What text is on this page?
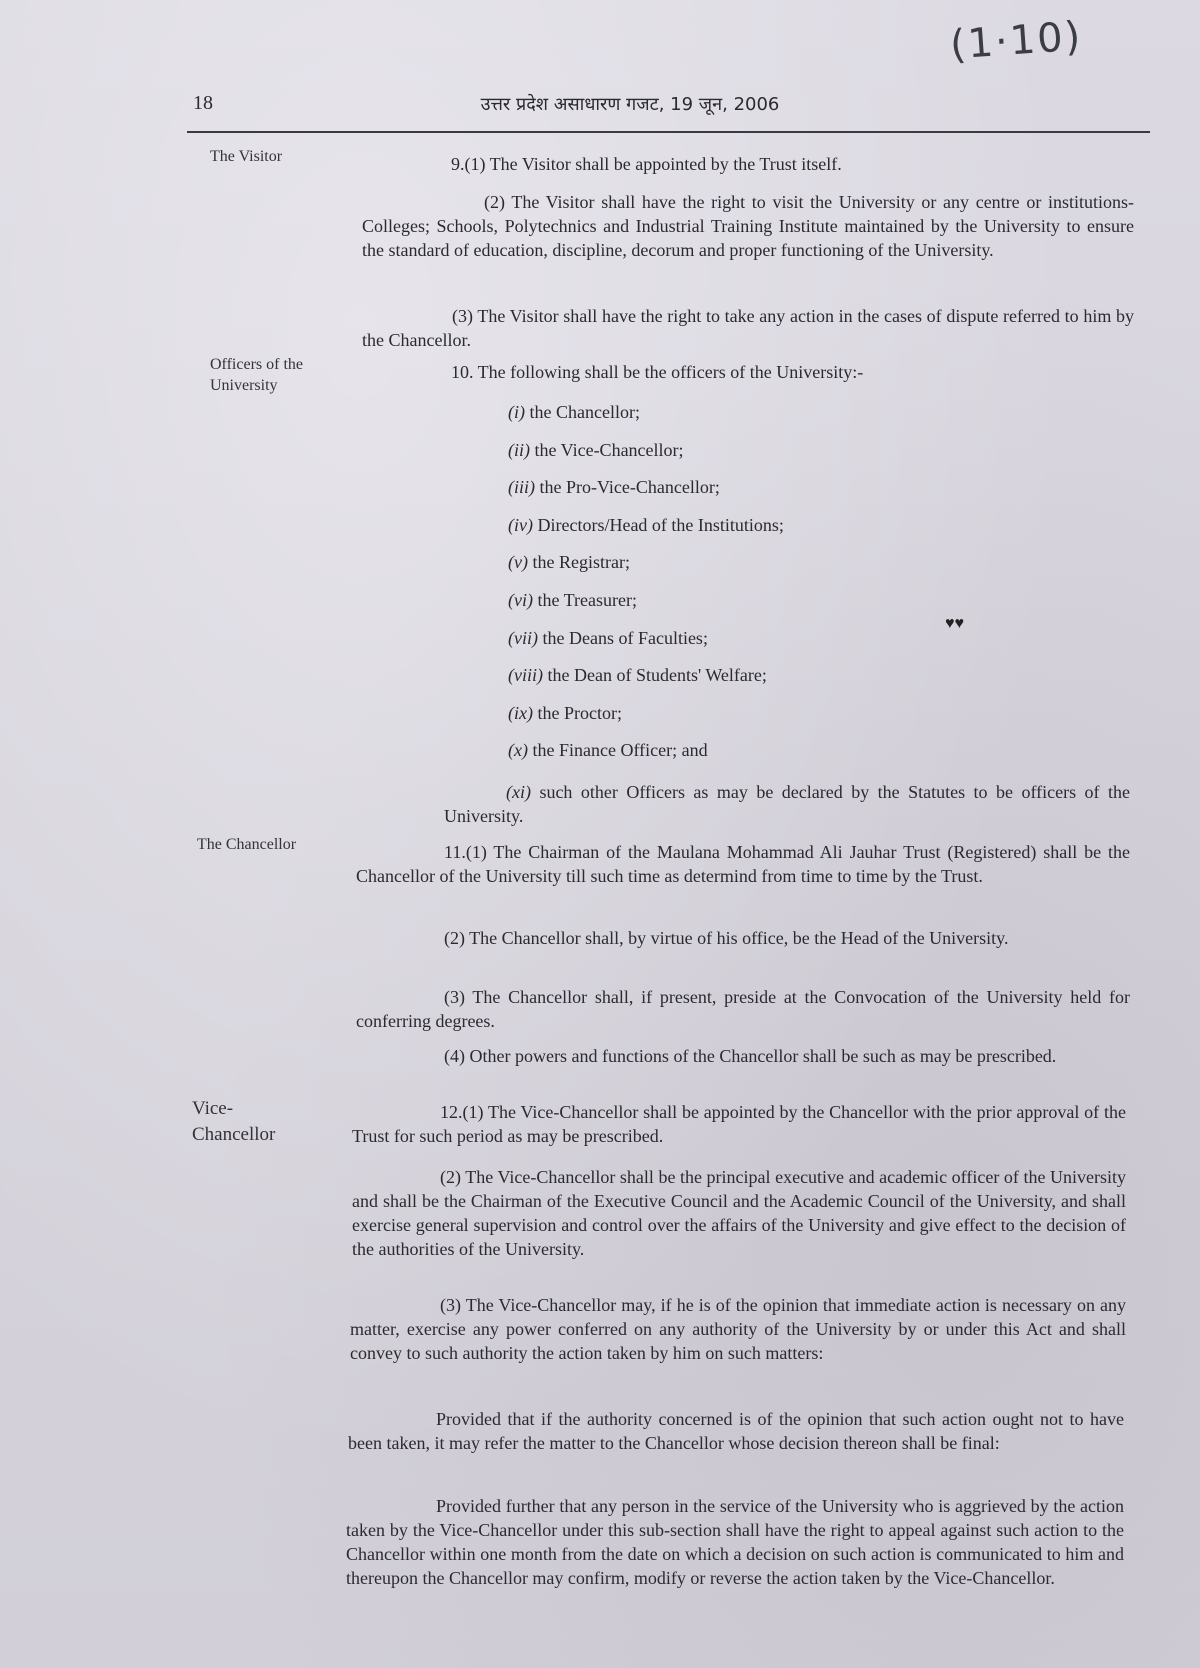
(1·10)
18	उत्तर प्रदेश असाधारण गजट, 19 जून, 2006
The Visitor
Officers of the University
The Chancellor
Vice-Chancellor
9.(1) The Visitor shall be appointed by the Trust itself.
(2) The Visitor shall have the right to visit the University or any centre or institutions-Colleges; Schools, Polytechnics and Industrial Training Institute maintained by the University to ensure the standard of education, discipline, decorum and proper functioning of the University.
(3) The Visitor shall have the right to take any action in the cases of dispute referred to him by the Chancellor.
10. The following shall be the officers of the University:-
(i) the Chancellor;
(ii) the Vice-Chancellor;
(iii) the Pro-Vice-Chancellor;
(iv) Directors/Head of the Institutions;
(v) the Registrar;
(vi) the Treasurer;
(vii) the Deans of Faculties;
(viii) the Dean of Students' Welfare;
(ix) the Proctor;
(x) the Finance Officer; and
(xi) such other Officers as may be declared by the Statutes to be officers of the University.
♥♥
11.(1) The Chairman of the Maulana Mohammad Ali Jauhar Trust (Registered) shall be the Chancellor of the University till such time as determind from time to time by the Trust.
(2) The Chancellor shall, by virtue of his office, be the Head of the University.
(3) The Chancellor shall, if present, preside at the Convocation of the University held for conferring degrees.
(4) Other powers and functions of the Chancellor shall be such as may be prescribed.
12.(1) The Vice-Chancellor shall be appointed by the Chancellor with the prior approval of the Trust for such period as may be prescribed.
(2) The Vice-Chancellor shall be the principal executive and academic officer of the University and shall be the Chairman of the Executive Council and the Academic Council of the University, and shall exercise general supervision and control over the affairs of the University and give effect to the decision of the authorities of the University.
(3) The Vice-Chancellor may, if he is of the opinion that immediate action is necessary on any matter, exercise any power conferred on any authority of the University by or under this Act and shall convey to such authority the action taken by him on such matters:
Provided that if the authority concerned is of the opinion that such action ought not to have been taken, it may refer the matter to the Chancellor whose decision thereon shall be final:
Provided further that any person in the service of the University who is aggrieved by the action taken by the Vice-Chancellor under this sub-section shall have the right to appeal against such action to the Chancellor within one month from the date on which a decision on such action is communicated to him and thereupon the Chancellor may confirm, modify or reverse the action taken by the Vice-Chancellor.
